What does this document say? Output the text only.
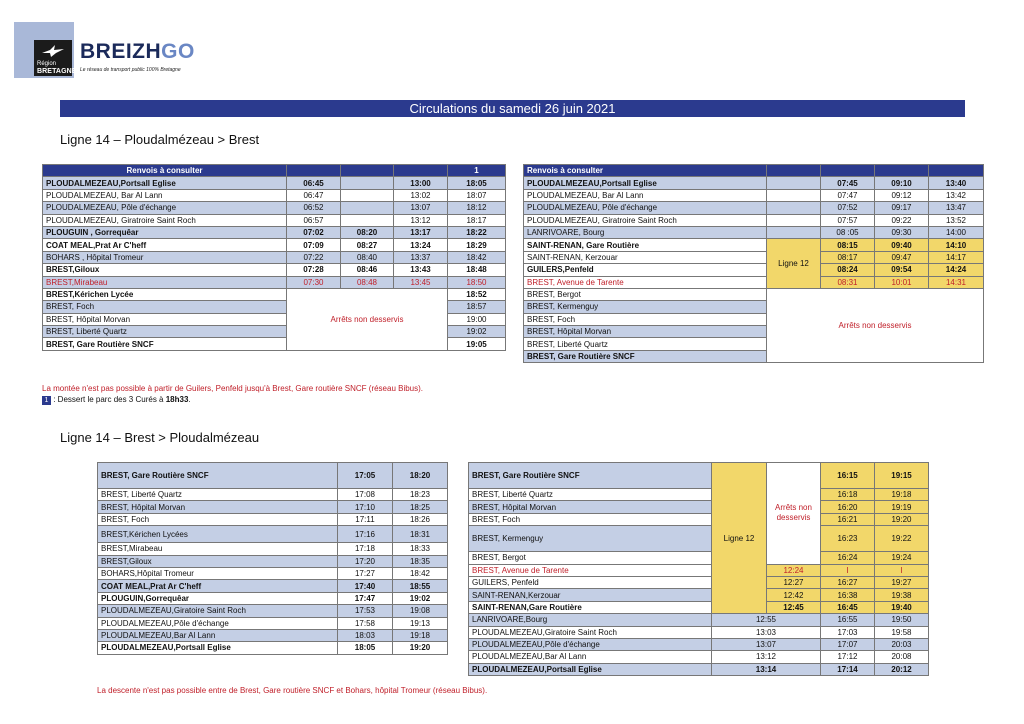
Région
BRETAGNE
BREIZHGO
Le réseau de transport public 100% Bretagne
Circulations du samedi 26 juin 2021
Ligne 14 – Ploudalmézeau > Brest
Renvois à consulter				1
PLOUDALMEZEAU,Portsall Eglise	06:45		13:00	18:05
PLOUDALMEZEAU, Bar Al Lann	06:47		13:02	18:07
PLOUDALMEZEAU, Pôle d'échange	06:52		13:07	18:12
PLOUDALMEZEAU, Giratroire Saint Roch	06:57		13:12	18:17
PLOUGUIN , Gorrequêar	07:02	08:20	13:17	18:22
COAT MEAL,Prat Ar C'heff	07:09	08:27	13:24	18:29
BOHARS , Hôpital Tromeur	07:22	08:40	13:37	18:42
BREST,Giloux	07:28	08:46	13:43	18:48
BREST,Mirabeau	07:30	08:48	13:45	18:50
BREST,Kérichen Lycée	Arrêts non desservis			18:52
BREST, Foch				18:57
BREST, Hôpital Morvan				19:00
BREST, Liberté Quartz				19:02
BREST, Gare Routière SNCF				19:05
Renvois à consulter				
PLOUDALMEZEAU,Portsall Eglise		07:45	09:10	13:40
PLOUDALMEZEAU, Bar Al Lann		07:47	09:12	13:42
PLOUDALMEZEAU, Pôle d'échange		07:52	09:17	13:47
PLOUDALMEZEAU, Giratroire Saint Roch		07:57	09:22	13:52
LANRIVOARE, Bourg		08 :05	09:30	14:00
SAINT-RENAN, Gare Routière	Ligne 12	08:15	09:40	14:10
SAINT-RENAN, Kerzouar		08:17	09:47	14:17
GUILERS,Penfeld		08:24	09:54	14:24
BREST, Avenue de Tarente		08:31	10:01	14:31
BREST, Bergot	Arrêts non desservis			
BREST, Kermenguy				
BREST, Foch				
BREST, Hôpital Morvan				
BREST, Liberté Quartz				
BREST, Gare Routière SNCF				
La montée n'est pas possible à partir de Guilers, Penfeld jusqu'à Brest, Gare routière SNCF (réseau Bibus).
1 : Dessert le parc des 3 Curés à 18h33.
Ligne 14 – Brest > Ploudalmézeau
BREST, Gare Routière SNCF	17:05	18:20
BREST, Liberté Quartz	17:08	18:23
BREST, Hôpital Morvan	17:10	18:25
BREST, Foch	17:11	18:26
BREST,Kérichen Lycées	17:16	18:31
BREST,Mirabeau	17:18	18:33
BREST,Giloux	17:20	18:35
BOHARS,Hôpital Tromeur	17:27	18:42
COAT MEAL,Prat Ar C'heff	17:40	18:55
PLOUGUIN,Gorrequêar	17:47	19:02
PLOUDALMEZEAU,Giratoire Saint Roch	17:53	19:08
PLOUDALMEZEAU,Pôle d'échange	17:58	19:13
PLOUDALMEZEAU,Bar Al Lann	18:03	19:18
PLOUDALMEZEAU,Portsall Eglise	18:05	19:20
BREST, Gare Routière SNCF	Ligne 12	Arrêts non desservis	16:15	19:15
BREST, Liberté Quartz			16:18	19:18
BREST, Hôpital Morvan			16:20	19:19
BREST, Foch			16:21	19:20
BREST, Kermenguy			16:23	19:22
BREST, Bergot			16:24	19:24
BREST, Avenue de Tarente		12:24	I	I
GUILERS, Penfeld		12:27	16:27	19:27
SAINT-RENAN,Kerzouar		12:42	16:38	19:38
SAINT-RENAN,Gare Routière		12:45	16:45	19:40
LANRIVOARE,Bourg	12:55		16:55	19:50
PLOUDALMEZEAU,Giratoire Saint Roch	13:03		17:03	19:58
PLOUDALMEZEAU,Pôle d'échange	13:07		17:07	20:03
PLOUDALMEZEAU,Bar Al Lann	13:12		17:12	20:08
PLOUDALMEZEAU,Portsall Eglise	13:14		17:14	20:12
La descente n'est pas possible entre de Brest, Gare routière SNCF et Bohars, hôpital Tromeur (réseau Bibus).
